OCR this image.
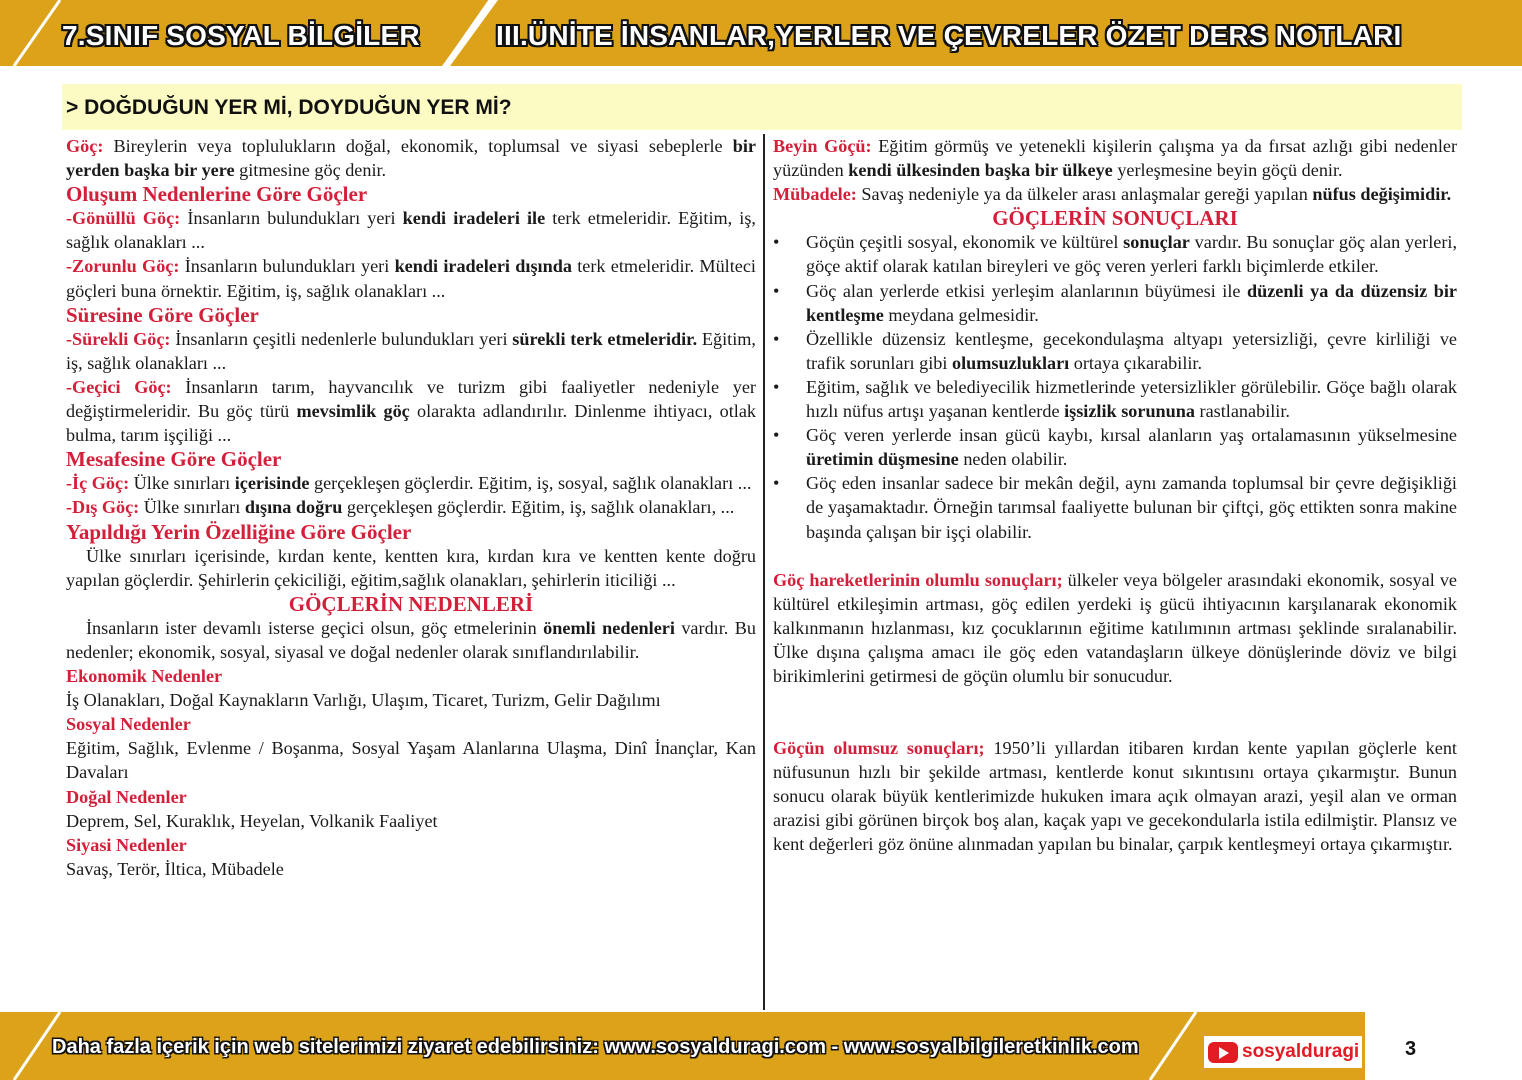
7.SINIF SOSYAL BİLGİLER	III.ÜNİTE İNSANLAR,YERLER VE ÇEVRELER ÖZET DERS NOTLARI
> DOĞDUĞUN YER Mİ, DOYDUĞUN YER Mİ?

Göç: Bireylerin veya toplulukların doğal, ekonomik, toplumsal ve siyasi sebeplerle bir yerden başka bir yere gitmesine göç denir.

Oluşum Nedenlerine Göre Göçler

-Gönüllü Göç: İnsanların bulundukları yeri kendi iradeleri ile terk etmeleridir. Eğitim, iş, sağlık olanakları ...

-Zorunlu Göç: İnsanların bulundukları yeri kendi iradeleri dışında terk etmeleridir. Mülteci göçleri buna örnektir. Eğitim, iş, sağlık olanakları ...

Süresine Göre Göçler

-Sürekli Göç: İnsanların çeşitli nedenlerle bulundukları yeri sürekli terk etmeleridir. Eğitim, iş, sağlık olanakları ...

-Geçici Göç: İnsanların tarım, hayvancılık ve turizm gibi faaliyetler nedeniyle yer değiştirmeleridir. Bu göç türü mevsimlik göç olarakta adlandırılır. Dinlenme ihtiyacı, otlak bulma, tarım işçiliği ...

Mesafesine Göre Göçler

-İç Göç: Ülke sınırları içerisinde gerçekleşen göçlerdir. Eğitim, iş, sosyal, sağlık olanakları ...

-Dış Göç: Ülke sınırları dışına doğru gerçekleşen göçlerdir. Eğitim, iş, sağlık olanakları, ...

Yapıldığı Yerin Özelliğine Göre Göçler

Ülke sınırları içerisinde, kırdan kente, kentten kıra, kırdan kıra ve kentten kente doğru yapılan göçlerdir. Şehirlerin çekiciliği, eğitim,sağlık olanakları, şehirlerin iticiliği ...

GÖÇLERİN NEDENLERİ

İnsanların ister devamlı isterse geçici olsun, göç etmelerinin önemli nedenleri vardır. Bu nedenler; ekonomik, sosyal, siyasal ve doğal nedenler olarak sınıflandırılabilir.

Ekonomik Nedenler

İş Olanakları, Doğal Kaynakların Varlığı, Ulaşım, Ticaret, Turizm, Gelir Dağılımı

Sosyal Nedenler

Eğitim, Sağlık, Evlenme / Boşanma, Sosyal Yaşam Alanlarına Ulaşma, Dinî İnançlar, Kan Davaları

Doğal Nedenler

Deprem, Sel, Kuraklık, Heyelan, Volkanik Faaliyet

Siyasi Nedenler

Savaş, Terör, İltica, Mübadele

Beyin Göçü: Eğitim görmüş ve yetenekli kişilerin çalışma ya da fırsat azlığı gibi nedenler yüzünden kendi ülkesinden başka bir ülkeye yerleşmesine beyin göçü denir.

Mübadele: Savaş nedeniyle ya da ülkeler arası anlaşmalar gereği yapılan nüfus değişimidir.

GÖÇLERİN SONUÇLARI
• Göçün çeşitli sosyal, ekonomik ve kültürel sonuçlar vardır. Bu sonuçlar göç alan yerleri, göçe aktif olarak katılan bireyleri ve göç veren yerleri farklı biçimlerde etkiler.
• Göç alan yerlerde etkisi yerleşim alanlarının büyümesi ile düzenli ya da düzensiz bir kentleşme meydana gelmesidir.
• Özellikle düzensiz kentleşme, gecekondulaşma altyapı yetersizliği, çevre kirliliği ve trafik sorunları gibi olumsuzlukları ortaya çıkarabilir.
• Eğitim, sağlık ve belediyecilik hizmetlerinde yetersizlikler görülebilir. Göçe bağlı olarak hızlı nüfus artışı yaşanan kentlerde işsizlik sorununa rastlanabilir.
• Göç veren yerlerde insan gücü kaybı, kırsal alanların yaş ortalamasının yükselmesine üretimin düşmesine neden olabilir.
• Göç eden insanlar sadece bir mekân değil, aynı zamanda toplumsal bir çevre değişikliği de yaşamaktadır. Örneğin tarımsal faaliyette bulunan bir çiftçi, göç ettikten sonra makine başında çalışan bir işçi olabilir.

Göç hareketlerinin olumlu sonuçları; ülkeler veya bölgeler arasındaki ekonomik, sosyal ve kültürel etkileşimin artması, göç edilen yerdeki iş gücü ihtiyacının karşılanarak ekonomik kalkınmanın hızlanması, kız çocuklarının eğitime katılımının artması şeklinde sıralanabilir. Ülke dışına çalışma amacı ile göç eden vatandaşların ülkeye dönüşlerinde döviz ve bilgi birikimlerini getirmesi de göçün olumlu bir sonucudur.

Göçün olumsuz sonuçları; 1950’li yıllardan itibaren kırdan kente yapılan göçlerle kent nüfusunun hızlı bir şekilde artması, kentlerde konut sıkıntısını ortaya çıkarmıştır. Bunun sonucu olarak büyük kentlerimizde hukuken imara açık olmayan arazi, yeşil alan ve orman arazisi gibi görünen birçok boş alan, kaçak yapı ve gecekondularla istila edilmiştir. Plansız ve kent değerleri göz önüne alınmadan yapılan bu binalar, çarpık kentleşmeyi ortaya çıkarmıştır.

Daha fazla içerik için web sitelerimizi ziyaret edebilirsiniz: www.sosyalduragi.com - www.sosyalbilgileretkinlik.com	sosyalduragi 3
